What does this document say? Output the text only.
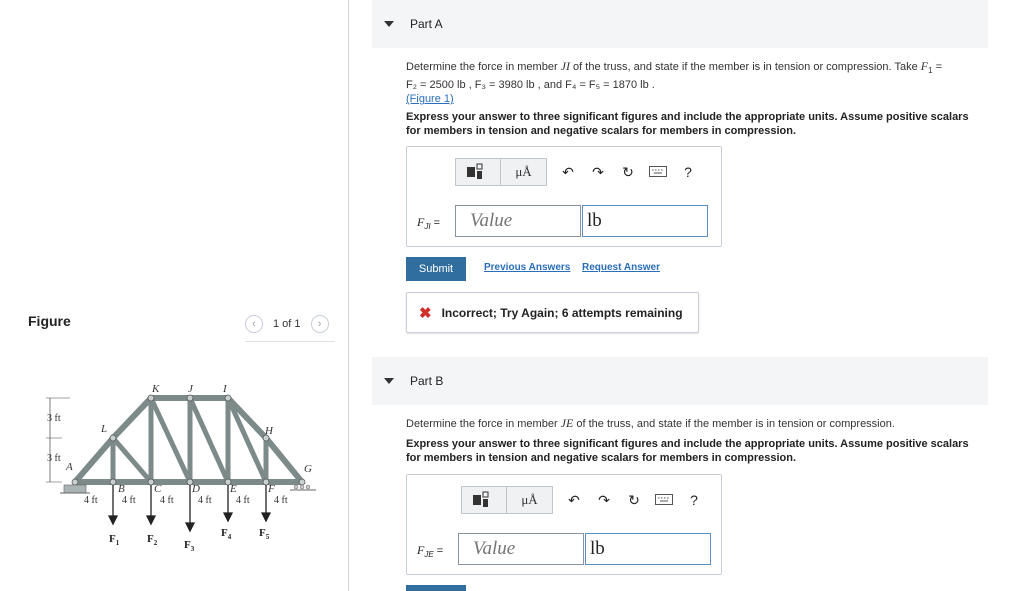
Figure	‹ 1 of 1 ›
3 ft
3 ft
K	J	I
L	H
A	G
B	C	D	E	F
4 ft 4 ft 4 ft 4 ft 4 ft 4 ft
$F_1$	$F_2$ $F_3$
$F_4$	$F_5$
Part A
Determine the force in member JI of the truss, and state if the member is in tension or compression. Take $F_1$ =
F₂ = 2500 lb , F₃ = 3980 lb , and F₄ = F₅ = 1870 lb .
(Figure 1)
Express your answer to three significant figures and include the appropriate units. Assume positive scalars for members in tension and negative scalars for members in compression.
μÅ	↶	↷	↻	?
$F_{JI}$ =
Value
lb
Submit	Previous Answers Request Answer
✖ Incorrect; Try Again; 6 attempts remaining
Part B
Determine the force in member JE of the truss, and state if the member is in tension or compression.
Express your answer to three significant figures and include the appropriate units. Assume positive scalars for members in tension and negative scalars for members in compression.
μÅ	↶	↷	↻	?
$F_{JE}$ =
Value
lb
